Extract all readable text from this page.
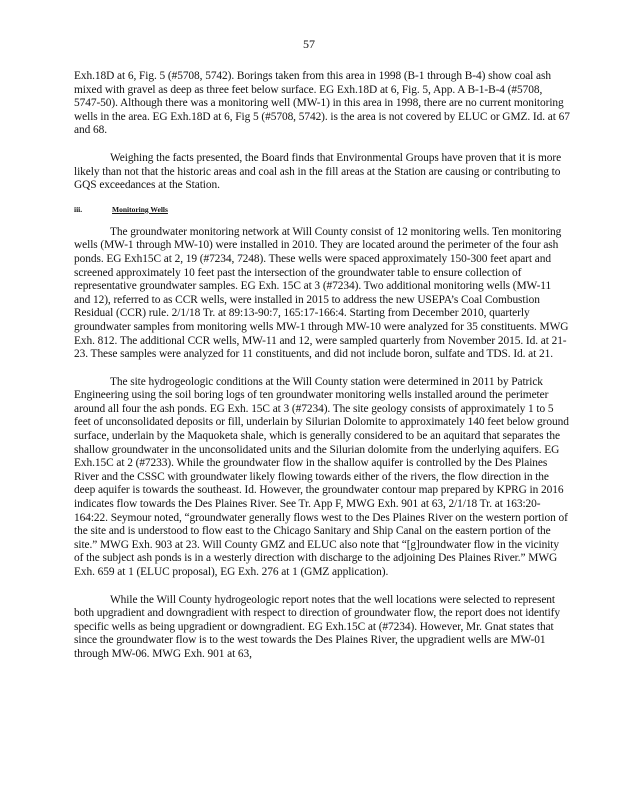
57

Exh.18D at 6, Fig. 5 (#5708, 5742). Borings taken from this area in 1998 (B-1 through B-4) show coal ash mixed with gravel as deep as three feet below surface. EG Exh.18D at 6, Fig. 5, App. A B-1-B-4 (#5708, 5747-50). Although there was a monitoring well (MW-1) in this area in 1998, there are no current monitoring wells in the area. EG Exh.18D at 6, Fig 5 (#5708, 5742). is the area is not covered by ELUC or GMZ. Id. at 67 and 68.

Weighing the facts presented, the Board finds that Environmental Groups have proven that it is more likely than not that the historic areas and coal ash in the fill areas at the Station are causing or contributing to GQS exceedances at the Station.

iii.	Monitoring Wells

The groundwater monitoring network at Will County consist of 12 monitoring wells. Ten monitoring wells (MW-1 through MW-10) were installed in 2010. They are located around the perimeter of the four ash ponds. EG Exh15C at 2, 19 (#7234, 7248). These wells were spaced approximately 150-300 feet apart and screened approximately 10 feet past the intersection of the groundwater table to ensure collection of representative groundwater samples. EG Exh. 15C at 3 (#7234). Two additional monitoring wells (MW-11 and 12), referred to as CCR wells, were installed in 2015 to address the new USEPA’s Coal Combustion Residual (CCR) rule. 2/1/18 Tr. at 89:13-90:7, 165:17-166:4. Starting from December 2010, quarterly groundwater samples from monitoring wells MW-1 through MW-10 were analyzed for 35 constituents. MWG Exh. 812. The additional CCR wells, MW-11 and 12, were sampled quarterly from November 2015. Id. at 21-23. These samples were analyzed for 11 constituents, and did not include boron, sulfate and TDS. Id. at 21.

The site hydrogeologic conditions at the Will County station were determined in 2011 by Patrick Engineering using the soil boring logs of ten groundwater monitoring wells installed around the perimeter around all four the ash ponds. EG Exh. 15C at 3 (#7234). The site geology consists of approximately 1 to 5 feet of unconsolidated deposits or fill, underlain by Silurian Dolomite to approximately 140 feet below ground surface, underlain by the Maquoketa shale, which is generally considered to be an aquitard that separates the shallow groundwater in the unconsolidated units and the Silurian dolomite from the underlying aquifers. EG Exh.15C at 2 (#7233). While the groundwater flow in the shallow aquifer is controlled by the Des Plaines River and the CSSC with groundwater likely flowing towards either of the rivers, the flow direction in the deep aquifer is towards the southeast. Id. However, the groundwater contour map prepared by KPRG in 2016 indicates flow towards the Des Plaines River. See Tr. App F, MWG Exh. 901 at 63, 2/1/18 Tr. at 163:20-164:22. Seymour noted, “groundwater generally flows west to the Des Plaines River on the western portion of the site and is understood to flow east to the Chicago Sanitary and Ship Canal on the eastern portion of the site.” MWG Exh. 903 at 23. Will County GMZ and ELUC also note that “[g]roundwater flow in the vicinity of the subject ash ponds is in a westerly direction with discharge to the adjoining Des Plaines River.” MWG Exh. 659 at 1 (ELUC proposal), EG Exh. 276 at 1 (GMZ application).

While the Will County hydrogeologic report notes that the well locations were selected to represent both upgradient and downgradient with respect to direction of groundwater flow, the report does not identify specific wells as being upgradient or downgradient. EG Exh.15C at (#7234). However, Mr. Gnat states that since the groundwater flow is to the west towards the Des Plaines River, the upgradient wells are MW-01 through MW-06. MWG Exh. 901 at 63,
